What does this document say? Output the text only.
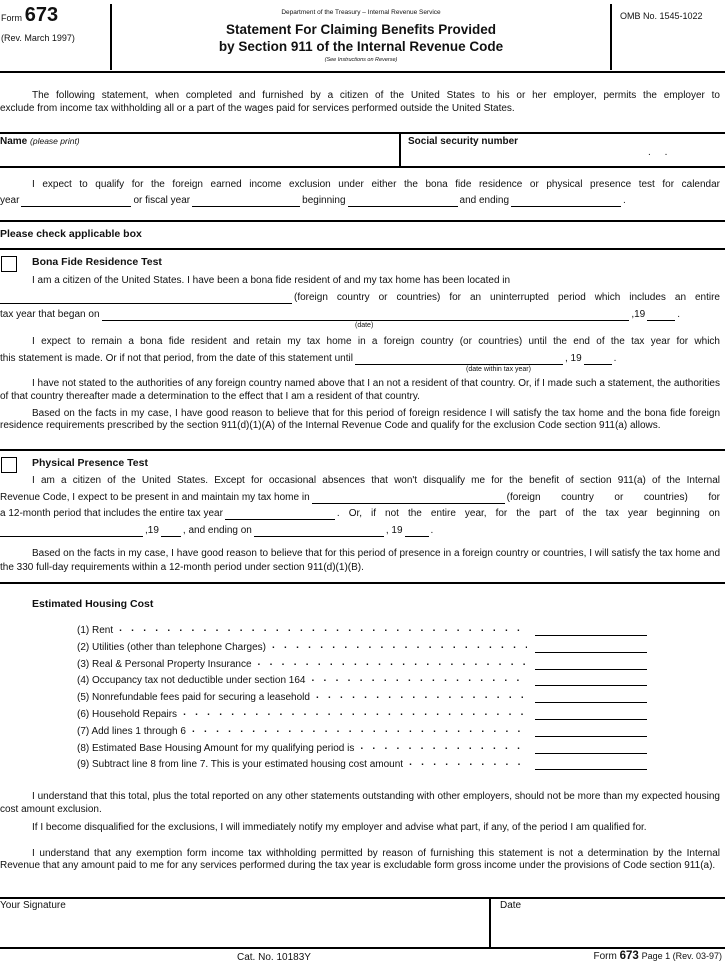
Form 673
(Rev. March 1997)
Department of the Treasury – Internal Revenue Service
Statement For Claiming Benefits Provided
by Section 911 of the Internal Revenue Code
(See Instructions on Reverse)
OMB No. 1545-1022
The following statement, when completed and furnished by a citizen of the United States to his or her employer, permits the employer to
exclude from income tax withholding all or a part of the wages paid for services performed outside the United States.
Name (please print)	Social security number
.     .
I expect to qualify for the foreign earned income exclusion under either the bona fide residence or physical presence test for calendar
year	or fiscal year	beginning	and ending	.
Please check applicable box
Bona Fide Residence Test
I am a citizen of the United States. I have been a bona fide resident of and my tax home has been located in
(foreign country or countries) for an uninterrupted period which includes an entire
tax year that began on	,19	.
(date)
I expect to remain a bona fide resident and retain my tax home in a foreign country (or countries) until the end of the tax year for which
this statement is made. Or if not that period, from the date of this statement until	, 19	.
(date within tax year)
I have not stated to the authorities of any foreign country named above that I an not a resident of that country. Or, if I made such a statement, the authorities of that country thereafter made a determination to the effect that I am a resident of that country.
Based on the facts in my case, I have good reason to believe that for this period of foreign residence I will satisfy the tax home and the bona fide foreign residence requirements prescribed by the section 911(d)(1)(A) of the Internal Revenue Code and qualify for the exclusion Code section 911(a) allows.
Physical Presence Test
I am a citizen of the United States. Except for occasional absences that won't disqualify me for the benefit of section 911(a) of the Internal
Revenue Code, I expect to be present in and maintain my tax home in	(foreign country or countries) for
a 12-month period that includes the entire tax year	. Or, if not the entire year, for the part of the tax year beginning on
,19 , and ending on	, 19	.
Based on the facts in my case, I have good reason to believe that for this period of presence in a foreign country or countries, I will satisfy the tax home and the 330 full-day requirements within a 12-month period under section 911(d)(1)(B).
Estimated Housing Cost
(1) Rent
. . .
(2) Utilities (other than telephone Charges)
. . .
(3) Real & Personal Property Insurance
. . .
(4) Occupancy tax not deductible under section 164
. . .
(5) Nonrefundable fees paid for securing a leasehold
. . .
(6) Household Repairs
. . .
(7) Add lines 1 through 6
. . .
(8) Estimated Base Housing Amount for my qualifying period is
. . .
(9) Subtract line 8 from line 7. This is your estimated housing cost amount
. . .
I understand that this total, plus the total reported on any other statements outstanding with other employers, should not be more than my expected housing cost amount exclusion.
If I become disqualified for the exclusions, I will immediately notify my employer and advise what part, if any, of the period I am qualified for.
I understand that any exemption form income tax withholding permitted by reason of furnishing this statement is not a determination by the Internal Revenue that any amount paid to me for any services performed during the tax year is excludable form gross income under the provisions of Code section 911(a).
Your Signature	Date
Cat. No. 10183Y	Form 673 Page 1 (Rev. 03-97)
